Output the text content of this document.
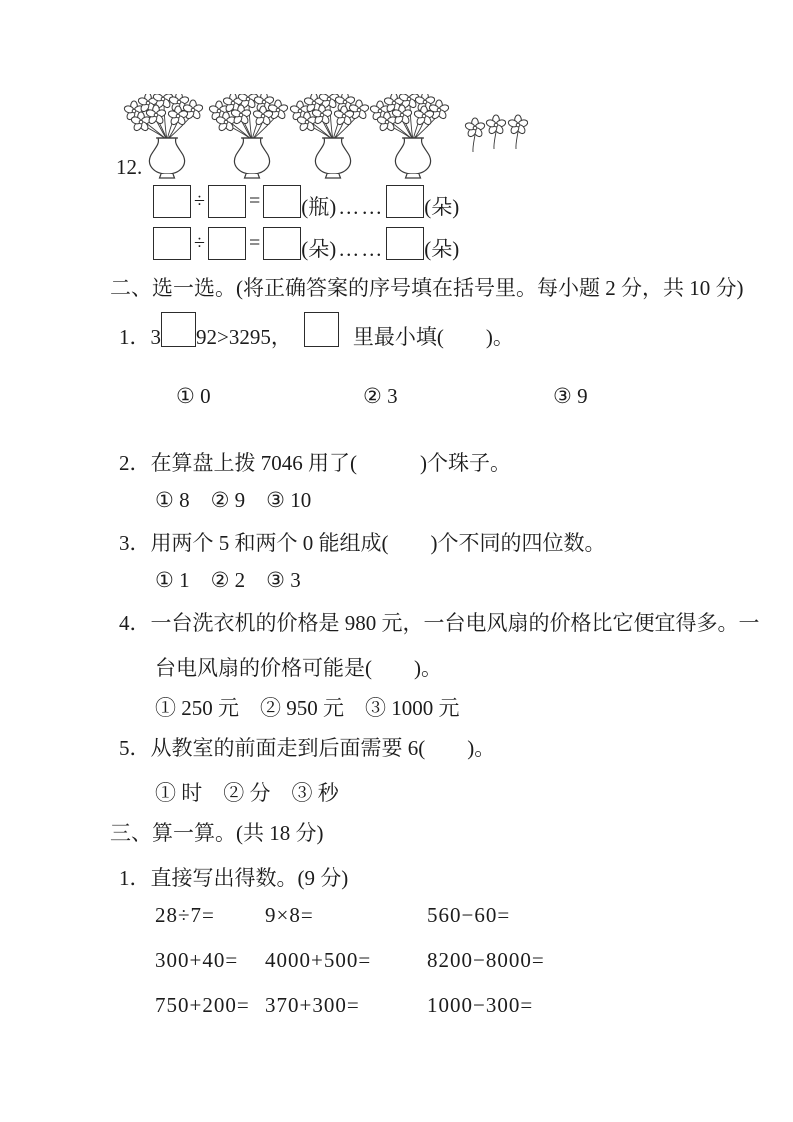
12.
÷ = (瓶) …… (朵)
÷ = (朵) …… (朵)
二、选一选。(将正确答案的序号填在括号里。每小题 2 分，共 10 分)
1． 3 92>3295，	里最小填(　　)。

① 0	② 3	③ 9

2．在算盘上拨 7046 用了(　　　)个珠子。
① 8　② 9　③ 10
3．用两个 5 和两个 0 能组成(　　)个不同的四位数。
① 1　② 2　③ 3
4．一台洗衣机的价格是 980 元，一台电风扇的价格比它便宜得多。一
台电风扇的价格可能是(　　)。
① 250 元　② 950 元　③ 1000 元
5．从教室的前面走到后面需要 6(　　)。
① 时　② 分　③ 秒
三、算一算。(共 18 分)
1．直接写出得数。(9 分)
28÷7= 9×8=	560−60=
300+40= 4000+500=	8200−8000=
750+200= 370+300=	1000−300=
